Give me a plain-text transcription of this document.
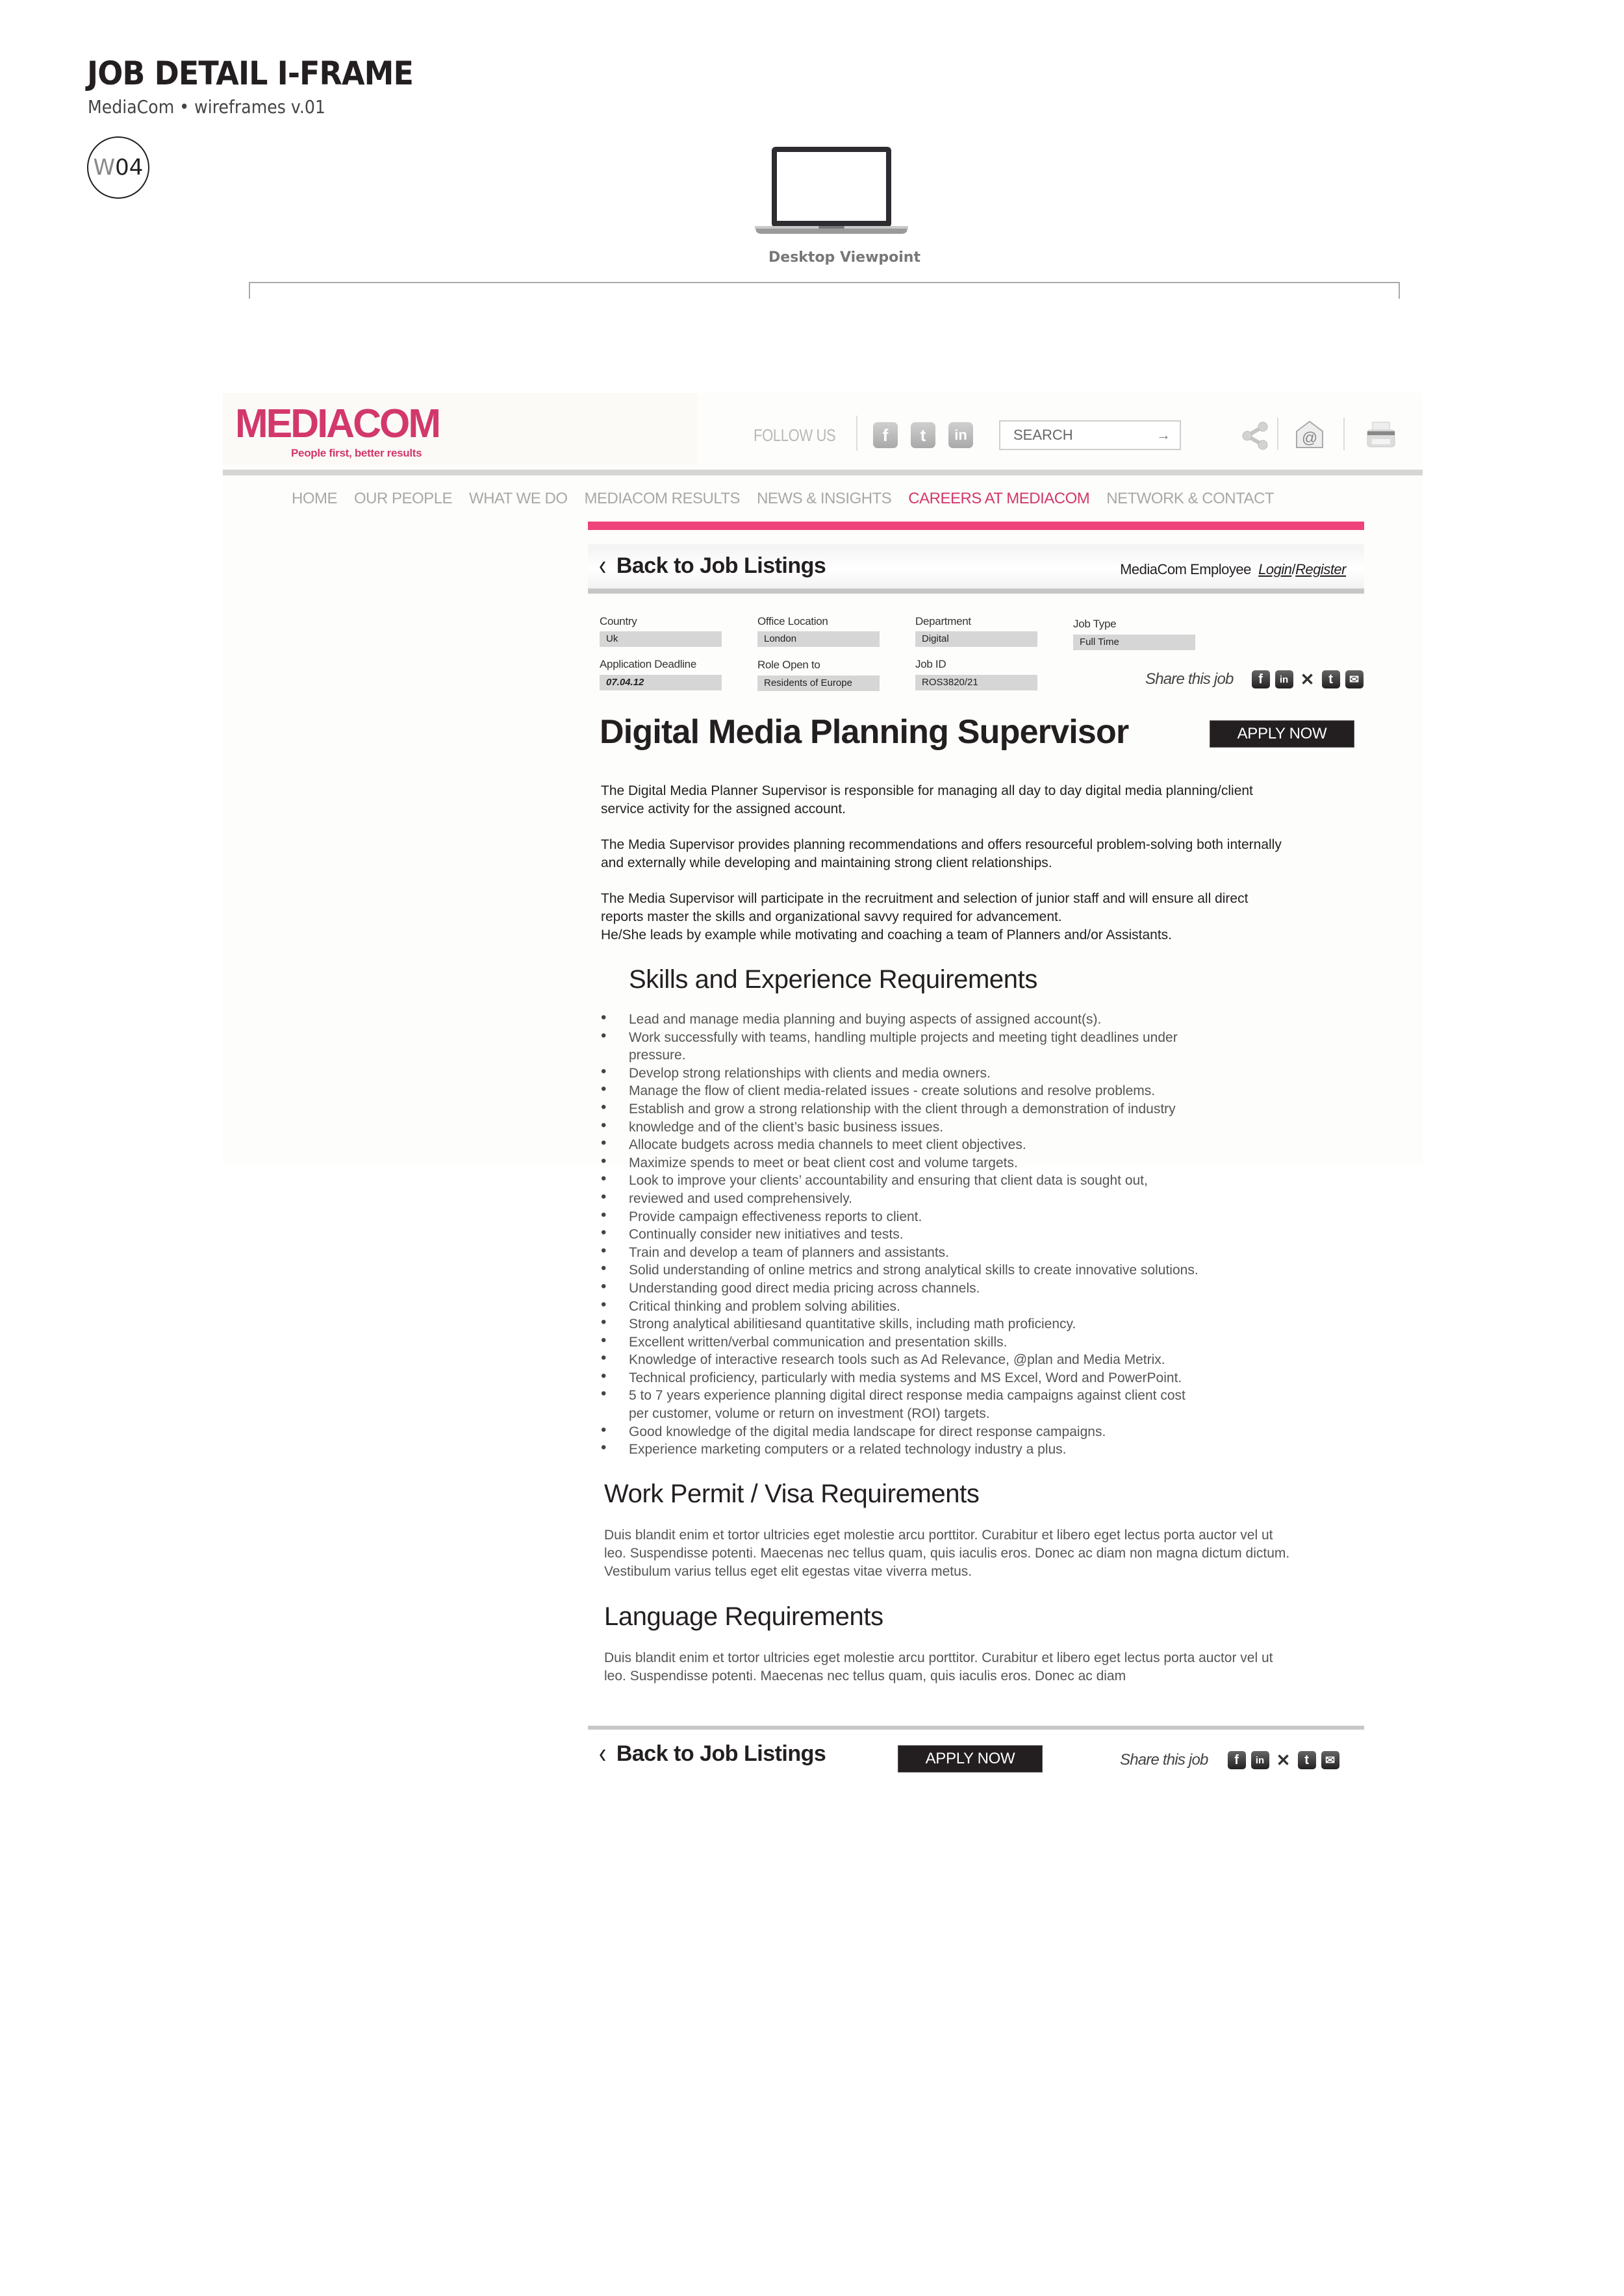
JOB DETAIL I-FRAME
MediaCom • wireframes v.01
W 04
Desktop Viewpoint
MEDIACOM
People first, better results
FOLLOW US	f	t	in
SEARCH	→	@
HOME OUR PEOPLE WHAT WE DO MEDIACOM RESULTS NEWS & INSIGHTS CAREERS AT MEDIACOM NETWORK & CONTACT
‹ Back to Job Listings	MediaCom Employee Login/Register
Country
Uk
Office Location
London
Department
Digital
Job Type
Full Time
Application Deadline
07.04.12
Role Open to
Residents of Europe
Job ID
ROS3820/21	Share this job	f	in ✕	t	✉
Digital Media Planning Supervisor	APPLY NOW
The Digital Media Planner Supervisor is responsible for managing all day to day digital media planning/client service activity for the assigned account.
The Media Supervisor provides planning recommendations and offers resourceful problem-solving both internally and externally while developing and maintaining strong client relationships.
The Media Supervisor will participate in the recruitment and selection of junior staff and will ensure all direct reports master the skills and organizational savvy required for advancement.
He/She leads by example while motivating and coaching a team of Planners and/or Assistants.
Skills and Experience Requirements
• Lead and manage media planning and buying aspects of assigned account(s).
• Work successfully with teams, handling multiple projects and meeting tight deadlines under
pressure.
• Develop strong relationships with clients and media owners.
• Manage the flow of client media-related issues - create solutions and resolve problems.
• Establish and grow a strong relationship with the client through a demonstration of industry
• knowledge and of the client’s basic business issues.
• Allocate budgets across media channels to meet client objectives.
• Maximize spends to meet or beat client cost and volume targets.
• Look to improve your clients’ accountability and ensuring that client data is sought out,
• reviewed and used comprehensively.
• Provide campaign effectiveness reports to client.
• Continually consider new initiatives and tests.
• Train and develop a team of planners and assistants.
• Solid understanding of online metrics and strong analytical skills to create innovative solutions.
• Understanding good direct media pricing across channels.
• Critical thinking and problem solving abilities.
• Strong analytical abilitiesand quantitative skills, including math proficiency.
• Excellent written/verbal communication and presentation skills.
• Knowledge of interactive research tools such as Ad Relevance, @plan and Media Metrix.
• Technical proficiency, particularly with media systems and MS Excel, Word and PowerPoint.
• 5 to 7 years experience planning digital direct response media campaigns against client cost
per customer, volume or return on investment (ROI) targets.
• Good knowledge of the digital media landscape for direct response campaigns.
• Experience marketing computers or a related technology industry a plus.
Work Permit / Visa Requirements
Duis blandit enim et tortor ultricies eget molestie arcu porttitor. Curabitur et libero eget lectus porta auctor vel ut leo. Suspendisse potenti. Maecenas nec tellus quam, quis iaculis eros. Donec ac diam non magna dictum dictum. Vestibulum varius tellus eget elit egestas vitae viverra metus.
Language Requirements
Duis blandit enim et tortor ultricies eget molestie arcu porttitor. Curabitur et libero eget lectus porta auctor vel ut leo. Suspendisse potenti. Maecenas nec tellus quam, quis iaculis eros. Donec ac diam
‹ Back to Job Listings	APPLY NOW	Share this job	f	in ✕	t	✉
